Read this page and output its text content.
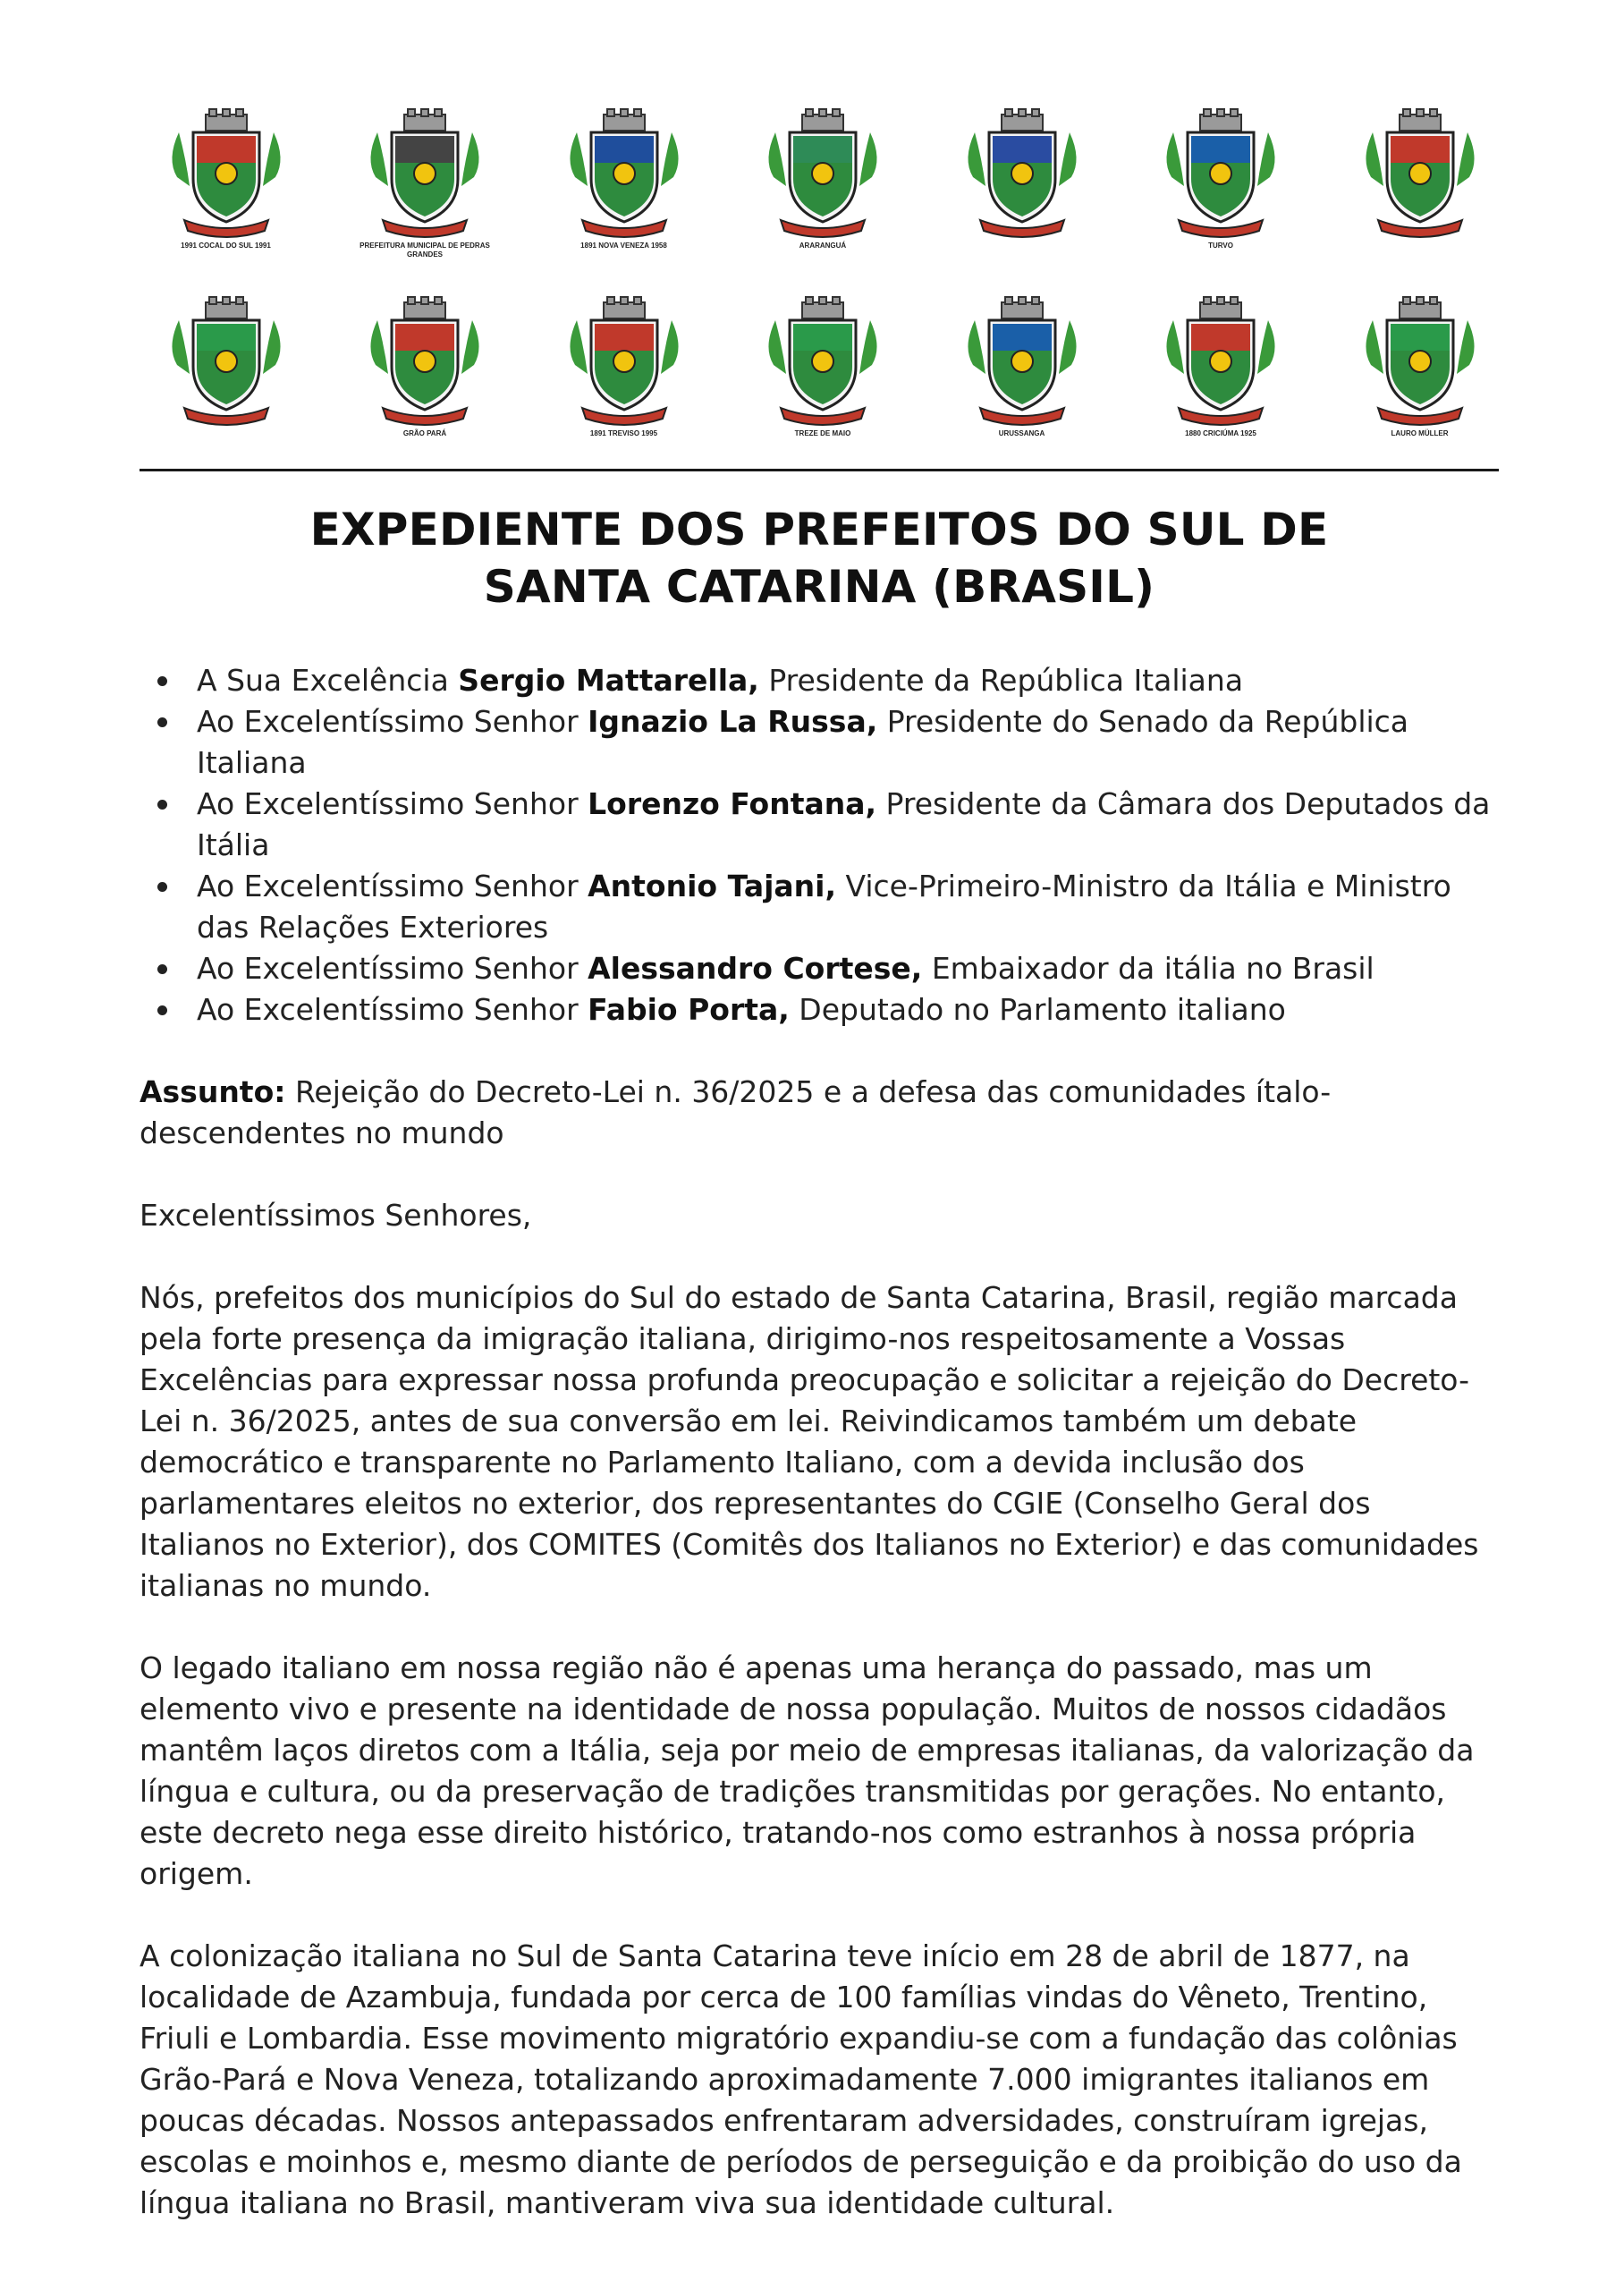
1991 COCAL DO SUL 1991	PREFEITURA MUNICIPAL DE PEDRAS GRANDES
1891 NOVA VENEZA 1958	ARARANGUÁ	TURVO
GRÃO PARÁ	1891 TREVISO 1995	TREZE DE MAIO	URUSSANGA	1880 CRICIÚMA 1925	LAURO MÜLLER
EXPEDIENTE DOS PREFEITOS DO SUL DE
SANTA CATARINA (BRASIL)
A Sua Excelência Sergio Mattarella, Presidente da República Italiana
Ao Excelentíssimo Senhor Ignazio La Russa, Presidente do Senado da República Italiana
Ao Excelentíssimo Senhor Lorenzo Fontana, Presidente da Câmara dos Deputados da Itália
Ao Excelentíssimo Senhor Antonio Tajani, Vice-Primeiro-Ministro da Itália e Ministro das Relações Exteriores
Ao Excelentíssimo Senhor Alessandro Cortese, Embaixador da itália no Brasil
Ao Excelentíssimo Senhor Fabio Porta, Deputado no Parlamento italiano

Assunto: Rejeição do Decreto-Lei n. 36/2025 e a defesa das comunidades ítalo-descendentes no mundo

Excelentíssimos Senhores,

Nós, prefeitos dos municípios do Sul do estado de Santa Catarina, Brasil, região marcada pela forte presença da imigração italiana, dirigimo-nos respeitosamente a Vossas Excelências para expressar nossa profunda preocupação e solicitar a rejeição do Decreto-Lei n. 36/2025, antes de sua conversão em lei. Reivindicamos também um debate democrático e transparente no Parlamento Italiano, com a devida inclusão dos parlamentares eleitos no exterior, dos representantes do CGIE (Conselho Geral dos Italianos no Exterior), dos COMITES (Comitês dos Italianos no Exterior) e das comunidades italianas no mundo.

O legado italiano em nossa região não é apenas uma herança do passado, mas um elemento vivo e presente na identidade de nossa população. Muitos de nossos cidadãos mantêm laços diretos com a Itália, seja por meio de empresas italianas, da valorização da língua e cultura, ou da preservação de tradições transmitidas por gerações. No entanto, este decreto nega esse direito histórico, tratando-nos como estranhos à nossa própria origem.

A colonização italiana no Sul de Santa Catarina teve início em 28 de abril de 1877, na localidade de Azambuja, fundada por cerca de 100 famílias vindas do Vêneto, Trentino, Friuli e Lombardia. Esse movimento migratório expandiu-se com a fundação das colônias Grão-Pará e Nova Veneza, totalizando aproximadamente 7.000 imigrantes italianos em poucas décadas. Nossos antepassados enfrentaram adversidades, construíram igrejas, escolas e moinhos e, mesmo diante de períodos de perseguição e da proibição do uso da língua italiana no Brasil, mantiveram viva sua identidade cultural.
